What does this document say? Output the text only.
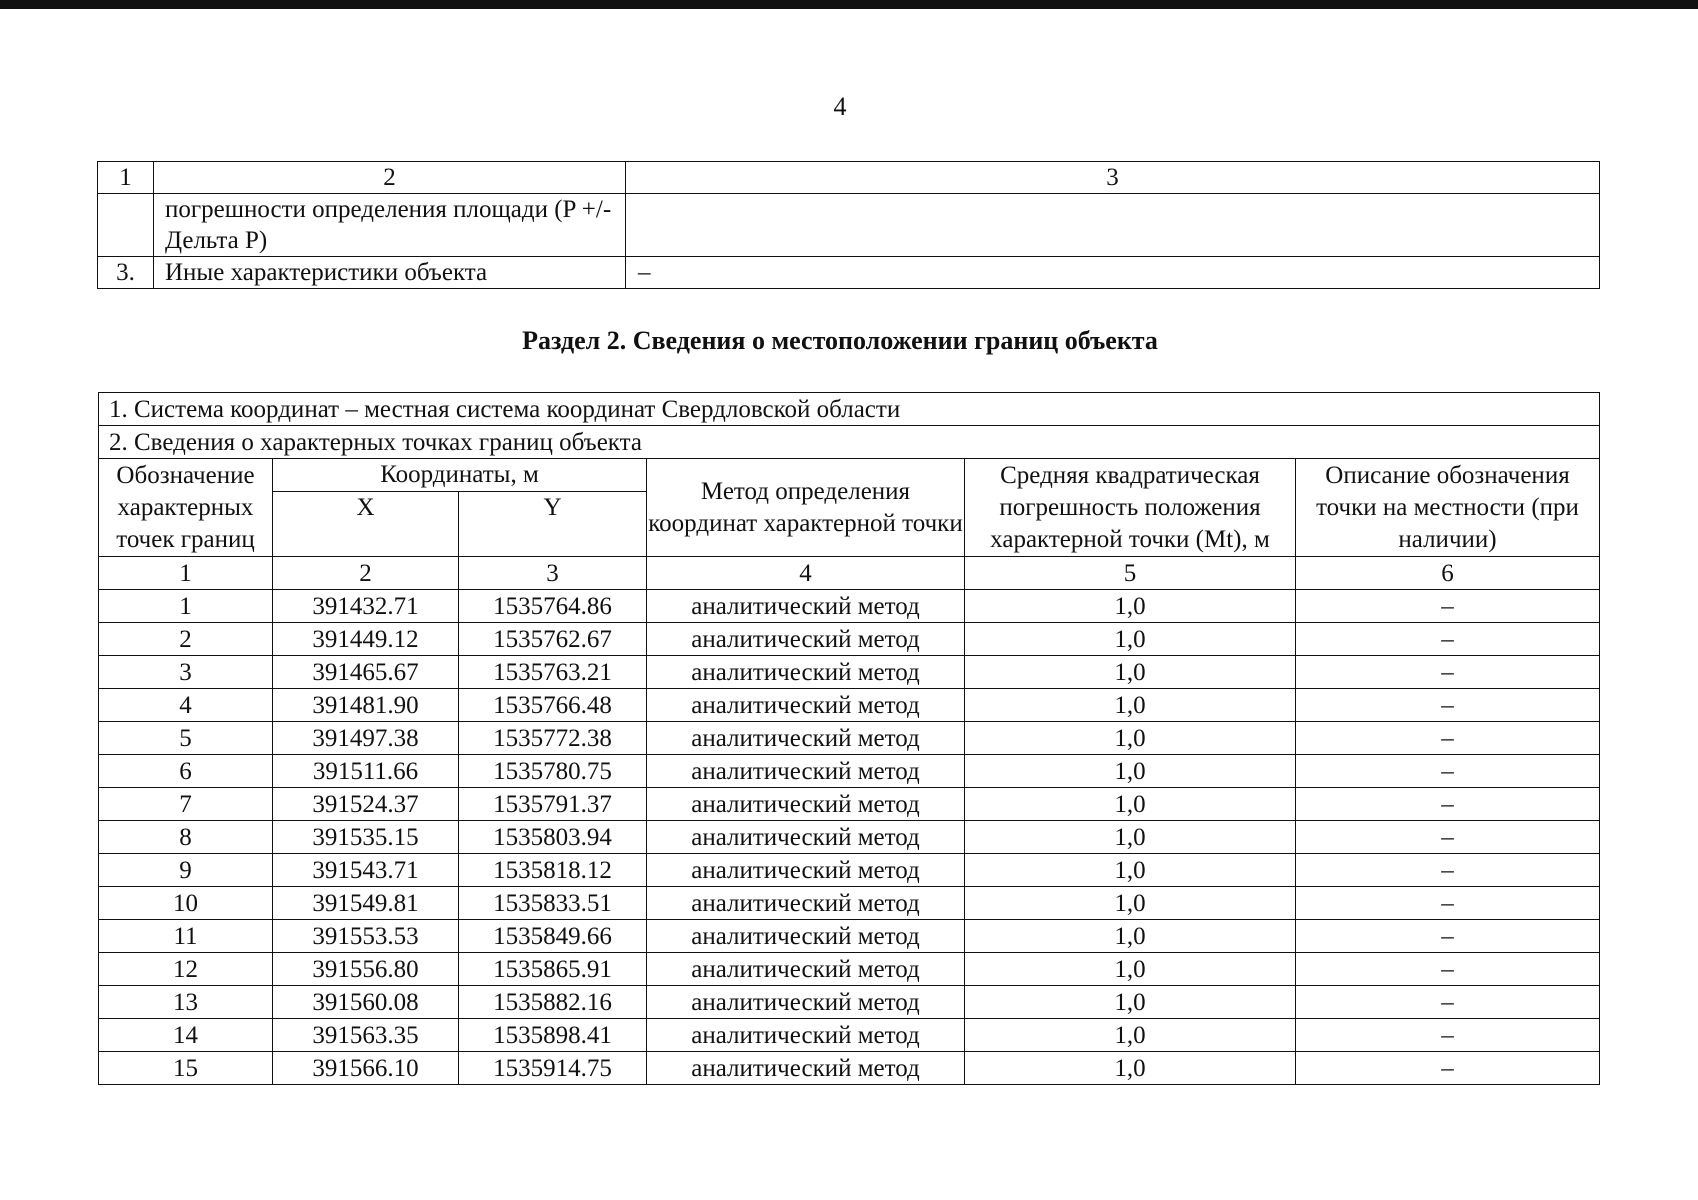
4
1	2	3
	погрешности определения площади (P +/- Дельта P)	
3.	Иные характеристики объекта	–
Раздел 2. Сведения о местоположении границ объекта
1. Система координат – местная система координат Свердловской области					
2. Сведения о характерных точках границ объекта					
Обозначение характерных точек границ	Координаты, м		Метод определения координат характерной точки	Средняя квадратическая погрешность положения характерной точки (Mt), м	Описание обозначения точки на местности (при наличии)
	X	Y			
1	2	3	4	5	6
1	391432.71	1535764.86	аналитический метод	1,0	–
2	391449.12	1535762.67	аналитический метод	1,0	–
3	391465.67	1535763.21	аналитический метод	1,0	–
4	391481.90	1535766.48	аналитический метод	1,0	–
5	391497.38	1535772.38	аналитический метод	1,0	–
6	391511.66	1535780.75	аналитический метод	1,0	–
7	391524.37	1535791.37	аналитический метод	1,0	–
8	391535.15	1535803.94	аналитический метод	1,0	–
9	391543.71	1535818.12	аналитический метод	1,0	–
10	391549.81	1535833.51	аналитический метод	1,0	–
11	391553.53	1535849.66	аналитический метод	1,0	–
12	391556.80	1535865.91	аналитический метод	1,0	–
13	391560.08	1535882.16	аналитический метод	1,0	–
14	391563.35	1535898.41	аналитический метод	1,0	–
15	391566.10	1535914.75	аналитический метод	1,0	–
